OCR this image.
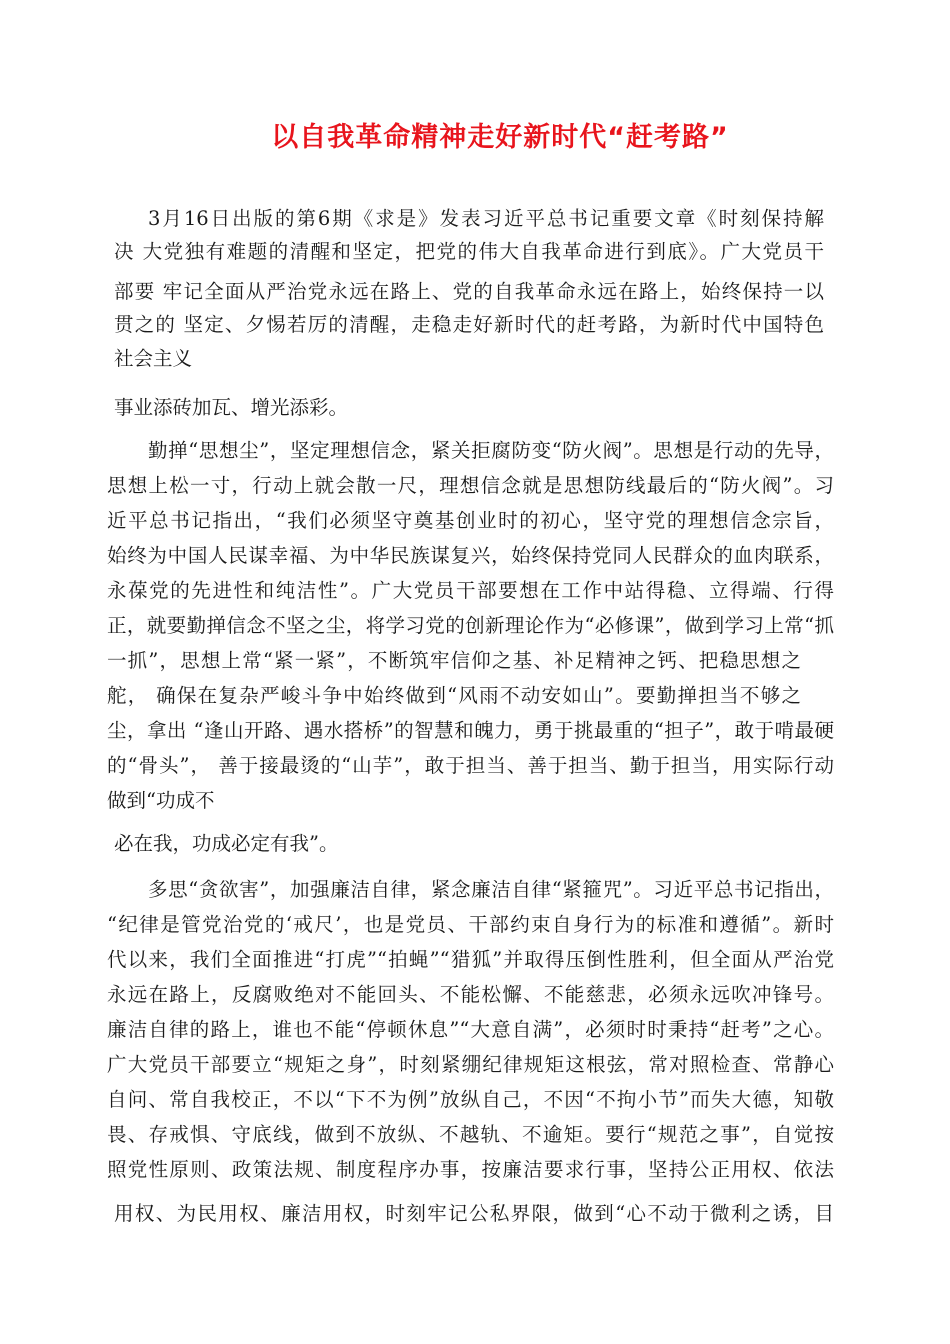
以自我革命精神走好新时代“赶考路”
3月16日出版的第6期《求是》发表习近平总书记重要文章《时刻保持解
决 大党独有难题的清醒和坚定，把党的伟大自我革命进行到底》。广大党员干
部要 牢记全面从严治党永远在路上、党的自我革命永远在路上，始终保持一以
贯之的 坚定、夕惕若厉的清醒，走稳走好新时代的赶考路，为新时代中国特色
社会主义
事业添砖加瓦、增光添彩。
勤掸“思想尘”，坚定理想信念，紧关拒腐防变“防火阀”。思想是行动的先导，
思想上松一寸，行动上就会散一尺，理想信念就是思想防线最后的“防火阀”。习
近平总书记指出，“我们必须坚守奠基创业时的初心，坚守党的理想信念宗旨，
始终为中国人民谋幸福、为中华民族谋复兴，始终保持党同人民群众的血肉联系，
永葆党的先进性和纯洁性”。广大党员干部要想在工作中站得稳、立得端、行得
正，就要勤掸信念不坚之尘，将学习党的创新理论作为“必修课”，做到学习上常“抓
一抓”，思想上常“紧一紧”，不断筑牢信仰之基、补足精神之钙、把稳思想之
舵， 确保在复杂严峻斗争中始终做到“风雨不动安如山”。要勤掸担当不够之
尘，拿出 “逢山开路、遇水搭桥”的智慧和魄力，勇于挑最重的“担子”，敢于啃最硬
的“骨头”， 善于接最烫的“山芋”，敢于担当、善于担当、勤于担当，用实际行动
做到“功成不
必在我，功成必定有我”。
多思“贪欲害”，加强廉洁自律，紧念廉洁自律“紧箍咒”。习近平总书记指出，
“纪律是管党治党的‘戒尺’，也是党员、干部约束自身行为的标准和遵循”。新时
代以来，我们全面推进“打虎”“拍蝇”“猎狐”并取得压倒性胜利，但全面从严治党
永远在路上，反腐败绝对不能回头、不能松懈、不能慈悲，必须永远吹冲锋号。
廉洁自律的路上，谁也不能“停顿休息”“大意自满”，必须时时秉持“赶考”之心。
广大党员干部要立“规矩之身”，时刻紧绷纪律规矩这根弦，常对照检查、常静心
自问、常自我校正，不以“下不为例”放纵自己，不因“不拘小节”而失大德，知敬
畏、存戒惧、守底线，做到不放纵、不越轨、不逾矩。要行“规范之事”，自觉按
照党性原则、政策法规、制度程序办事，按廉洁要求行事，坚持公正用权、依法
用权、为民用权、廉洁用权，时刻牢记公私界限，做到“心不动于微利之诱，目
